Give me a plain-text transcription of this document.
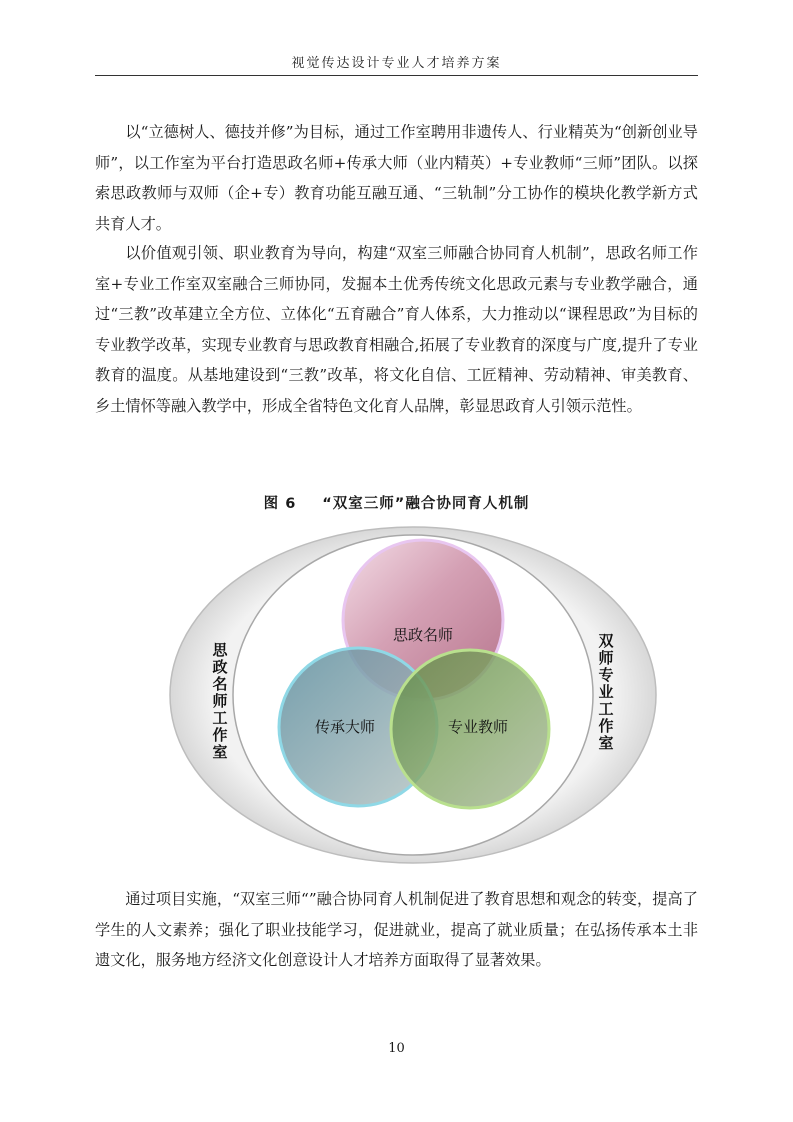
视觉传达设计专业人才培养方案

以“立德树人、德技并修”为目标，通过工作室聘用非遗传人、行业精英为“创新创业导师”，以工作室为平台打造思政名师+传承大师（业内精英）+专业教师“三师”团队。以探索思政教师与双师（企+专）教育功能互融互通、“三轨制”分工协作的模块化教学新方式共育人才。

以价值观引领、职业教育为导向，构建“双室三师融合协同育人机制”，思政名师工作室+专业工作室双室融合三师协同，发掘本土优秀传统文化思政元素与专业教学融合，通过“三教”改革建立全方位、立体化“五育融合”育人体系，大力推动以“课程思政”为目标的专业教学改革，实现专业教育与思政教育相融合,拓展了专业教育的深度与广度,提升了专业教育的温度。从基地建设到“三教”改革，将文化自信、工匠精神、劳动精神、审美教育、乡土情怀等融入教学中，形成全省特色文化育人品牌，彰显思政育人引领示范性。

图 6 “双室三师”融合协同育人机制
思政名师
传承大师	专业教师
思政名师工作室
双师专业工作室

通过项目实施，“双室三师“”融合协同育人机制促进了教育思想和观念的转变，提高了学生的人文素养；强化了职业技能学习，促进就业，提高了就业质量；在弘扬传承本土非遗文化，服务地方经济文化创意设计人才培养方面取得了显著效果。

10
